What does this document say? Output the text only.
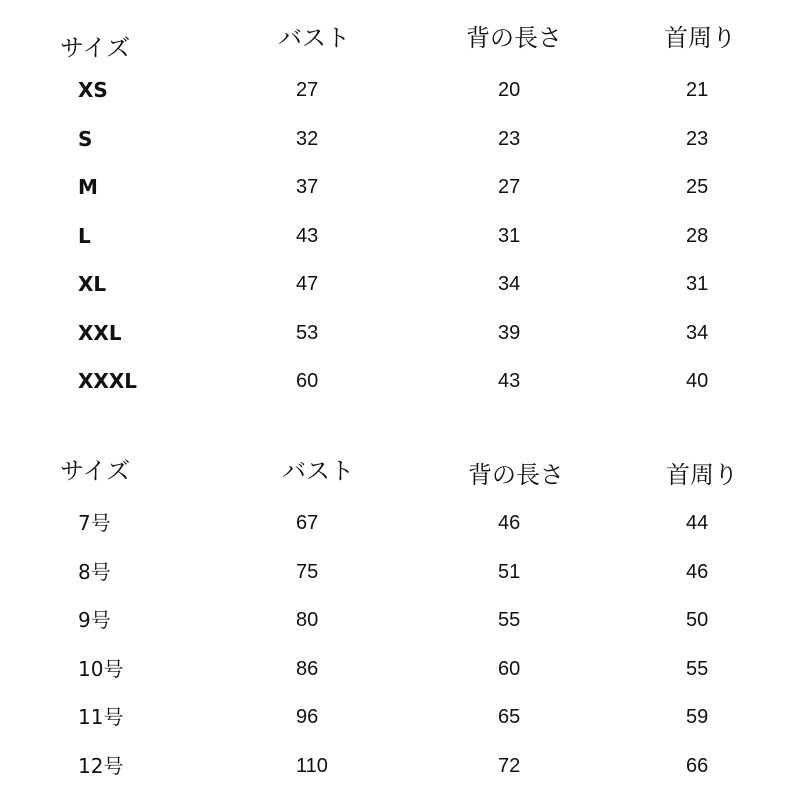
サイズ	バスト	背の長さ	首周り
XS	27	20	21
S	32	23	23
M	37	27	25
L	43	31	28
XL	47	34	31
XXL	53	39	34
XXXL	60	43	40
サイズ	バスト	背の長さ	首周り
7号	67	46	44
8号	75	51	46
9号	80	55	50
10号	86	60	55
11号	96	65	59
12号	110	72	66
